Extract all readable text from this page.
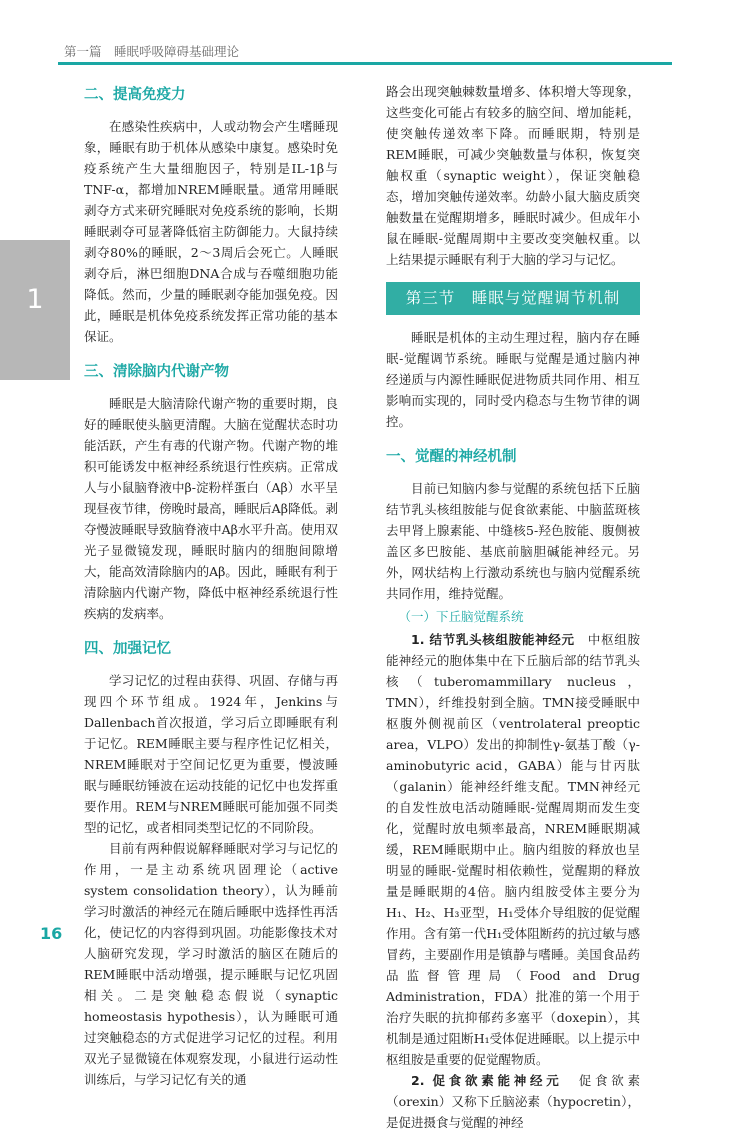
第一篇　睡眠呼吸障碍基础理论
1
二、提高免疫力

在感染性疾病中，人或动物会产生嗜睡现象，睡眠有助于机体从感染中康复。感染时免疫系统产生大量细胞因子，特别是IL-1β与TNF-α，都增加NREM睡眠量。通常用睡眠剥夺方式来研究睡眠对免疫系统的影响，长期睡眠剥夺可显著降低宿主防御能力。大鼠持续剥夺80%的睡眠，2～3周后会死亡。人睡眠剥夺后，淋巴细胞DNA合成与吞噬细胞功能降低。然而，少量的睡眠剥夺能加强免疫。因此，睡眠是机体免疫系统发挥正常功能的基本保证。

三、清除脑内代谢产物

睡眠是大脑清除代谢产物的重要时期，良好的睡眠使头脑更清醒。大脑在觉醒状态时功能活跃，产生有毒的代谢产物。代谢产物的堆积可能诱发中枢神经系统退行性疾病。正常成人与小鼠脑脊液中β-淀粉样蛋白（Aβ）水平呈现昼夜节律，傍晚时最高，睡眠后Aβ降低。剥夺慢波睡眠导致脑脊液中Aβ水平升高。使用双光子显微镜发现，睡眠时脑内的细胞间隙增大，能高效清除脑内的Aβ。因此，睡眠有利于清除脑内代谢产物，降低中枢神经系统退行性疾病的发病率。

四、加强记忆

学习记忆的过程由获得、巩固、存储与再现四个环节组成。1924年，Jenkins与Dallenbach首次报道，学习后立即睡眠有利于记忆。REM睡眠主要与程序性记忆相关，NREM睡眠对于空间记忆更为重要，慢波睡眠与睡眠纺锤波在运动技能的记忆中也发挥重要作用。REM与NREM睡眠可能加强不同类型的记忆，或者相同类型记忆的不同阶段。

目前有两种假说解释睡眠对学习与记忆的作用，一是主动系统巩固理论（active system consolidation theory），认为睡前学习时激活的神经元在随后睡眠中选择性再活化，使记忆的内容得到巩固。功能影像技术对人脑研究发现，学习时激活的脑区在随后的REM睡眠中活动增强，提示睡眠与记忆巩固相关。二是突触稳态假说（synaptic homeostasis hypothesis），认为睡眠可通过突触稳态的方式促进学习记忆的过程。利用双光子显微镜在体观察发现，小鼠进行运动性训练后，与学习记忆有关的通

路会出现突触棘数量增多、体积增大等现象，这些变化可能占有较多的脑空间、增加能耗，使突触传递效率下降。而睡眠期，特别是REM睡眠，可减少突触数量与体积，恢复突触权重（synaptic weight），保证突触稳态，增加突触传递效率。幼龄小鼠大脑皮质突触数量在觉醒期增多，睡眠时减少。但成年小鼠在睡眠-觉醒周期中主要改变突触权重。以上结果提示睡眠有利于大脑的学习与记忆。

第三节　睡眠与觉醒调节机制

睡眠是机体的主动生理过程，脑内存在睡眠-觉醒调节系统。睡眠与觉醒是通过脑内神经递质与内源性睡眠促进物质共同作用、相互影响而实现的，同时受内稳态与生物节律的调控。

一、觉醒的神经机制

目前已知脑内参与觉醒的系统包括下丘脑结节乳头核组胺能与促食欲素能、中脑蓝斑核去甲肾上腺素能、中缝核5-羟色胺能、腹侧被盖区多巴胺能、基底前脑胆碱能神经元。另外，网状结构上行激动系统也与脑内觉醒系统共同作用，维持觉醒。

（一）下丘脑觉醒系统

1. 结节乳头核组胺能神经元　 中枢组胺能神经元的胞体集中在下丘脑后部的结节乳头核（tuberomammillary nucleus，TMN），纤维投射到全脑。TMN接受睡眠中枢腹外侧视前区（ventrolateral preoptic area，VLPO）发出的抑制性γ-氨基丁酸（γ-aminobutyric acid，GABA）能与甘丙肽（galanin）能神经纤维支配。TMN神经元的自发性放电活动随睡眠-觉醒周期而发生变化，觉醒时放电频率最高，NREM睡眠期减缓，REM睡眠期中止。脑内组胺的释放也呈明显的睡眠-觉醒时相依赖性，觉醒期的释放量是睡眠期的4倍。脑内组胺受体主要分为H₁、H₂、H₃亚型，H₁受体介导组胺的促觉醒作用。含有第一代H₁受体阻断药的抗过敏与感冒药，主要副作用是镇静与嗜睡。美国食品药品监督管理局（Food and Drug Administration，FDA）批准的第一个用于治疗失眠的抗抑郁药多塞平（doxepin），其机制是通过阻断H₁受体促进睡眠。以上提示中枢组胺是重要的促觉醒物质。

2. 促食欲素能神经元　 促食欲素（orexin）又称下丘脑泌素（hypocretin），是促进摄食与觉醒的神经

16
